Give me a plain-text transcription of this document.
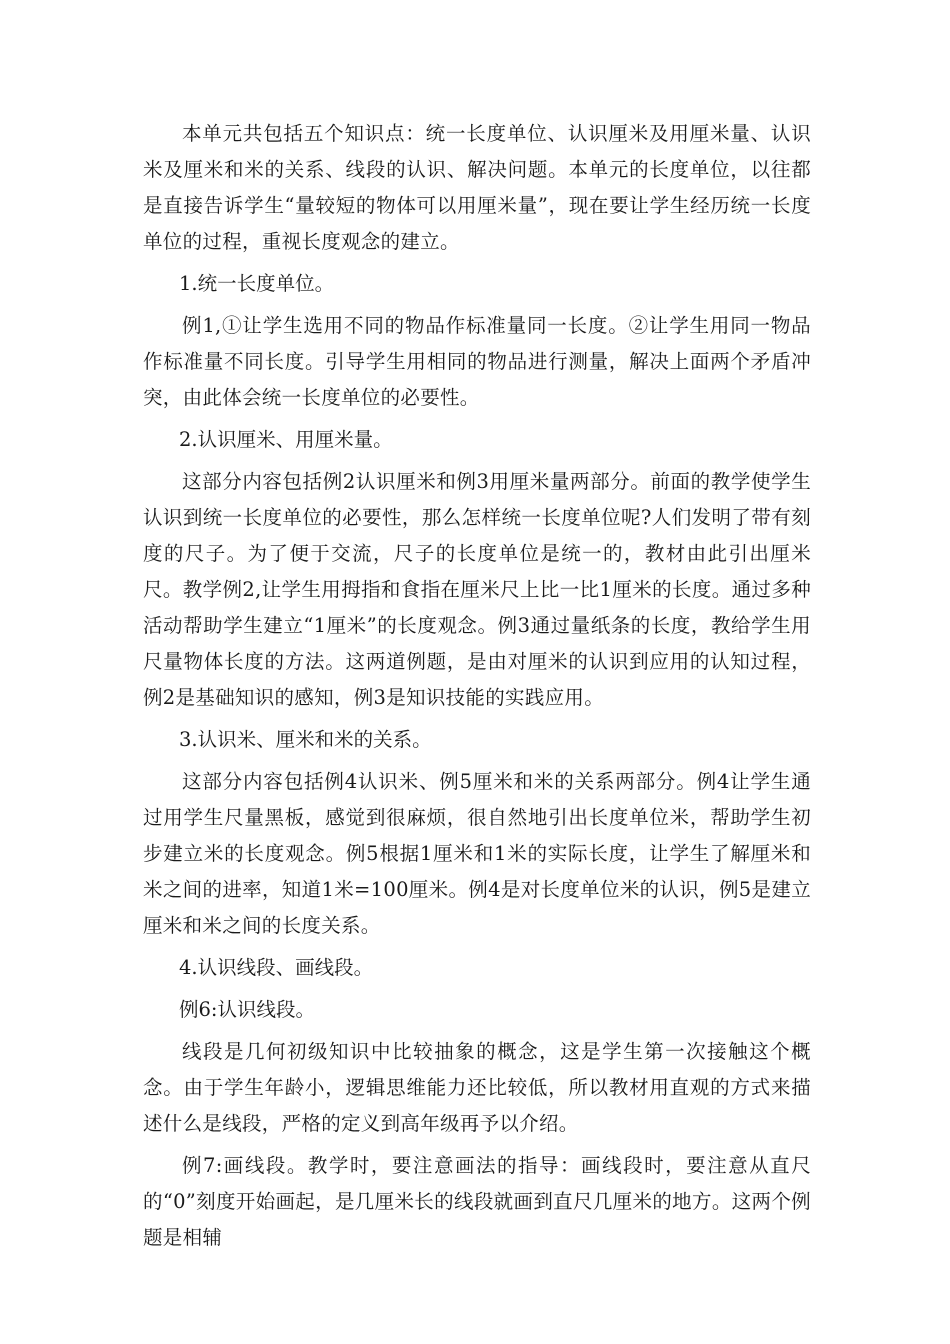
本单元共包括五个知识点：统一长度单位、认识厘米及用厘米量、认识米及厘米和米的关系、线段的认识、解决问题。本单元的长度单位，以往都是直接告诉学生“量较短的物体可以用厘米量”，现在要让学生经历统一长度单位的过程，重视长度观念的建立。

1.统一长度单位。

例1,①让学生选用不同的物品作标准量同一长度。②让学生用同一物品作标准量不同长度。引导学生用相同的物品进行测量，解决上面两个矛盾冲突，由此体会统一长度单位的必要性。

2.认识厘米、用厘米量。

这部分内容包括例2认识厘米和例3用厘米量两部分。前面的教学使学生认识到统一长度单位的必要性，那么怎样统一长度单位呢?人们发明了带有刻度的尺子。为了便于交流，尺子的长度单位是统一的，教材由此引出厘米尺。教学例2,让学生用拇指和食指在厘米尺上比一比1厘米的长度。通过多种活动帮助学生建立“1厘米”的长度观念。例3通过量纸条的长度，教给学生用尺量物体长度的方法。这两道例题，是由对厘米的认识到应用的认知过程，例2是基础知识的感知，例3是知识技能的实践应用。

3.认识米、厘米和米的关系。

这部分内容包括例4认识米、例5厘米和米的关系两部分。例4让学生通过用学生尺量黑板，感觉到很麻烦，很自然地引出长度单位米，帮助学生初步建立米的长度观念。例5根据1厘米和1米的实际长度，让学生了解厘米和米之间的进率，知道1米=100厘米。例4是对长度单位米的认识，例5是建立厘米和米之间的长度关系。

4.认识线段、画线段。

例6:认识线段。

线段是几何初级知识中比较抽象的概念，这是学生第一次接触这个概念。由于学生年龄小，逻辑思维能力还比较低，所以教材用直观的方式来描述什么是线段，严格的定义到高年级再予以介绍。

例7:画线段。教学时，要注意画法的指导：画线段时，要注意从直尺的“0”刻度开始画起，是几厘米长的线段就画到直尺几厘米的地方。这两个例题是相辅
